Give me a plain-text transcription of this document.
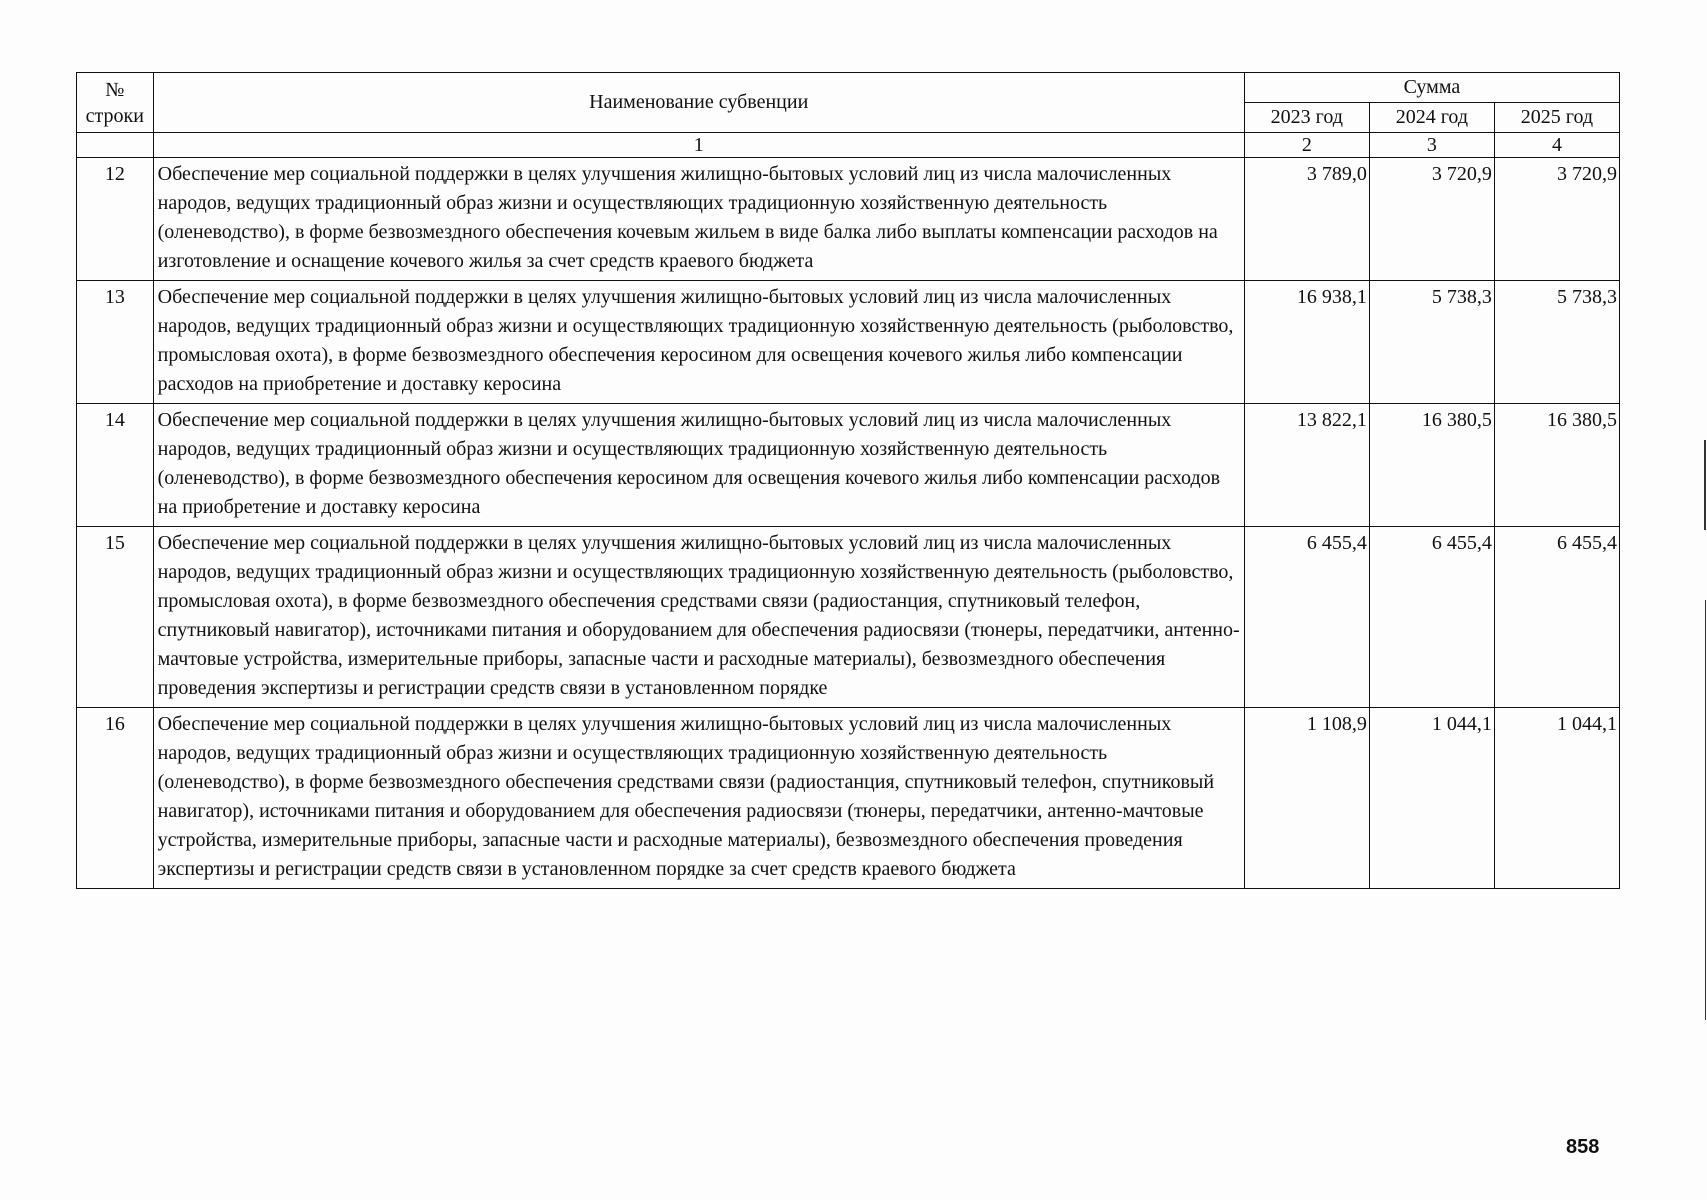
№
строки	Наименование субвенции	Сумма		
		2023 год	2024 год	2025 год
	1	2	3	4
12	Обеспечение мер социальной поддержки в целях улучшения жилищно-бытовых условий лиц из числа малочисленных народов, ведущих традиционный образ жизни и осуществляющих традиционную хозяйственную деятельность (оленеводство), в форме безвозмездного обеспечения кочевым жильем в виде балка либо выплаты компенсации расходов на изготовление и оснащение кочевого жилья за счет средств краевого бюджета	3 789,0	3 720,9	3 720,9
13	Обеспечение мер социальной поддержки в целях улучшения жилищно-бытовых условий лиц из числа малочисленных народов, ведущих традиционный образ жизни и осуществляющих традиционную хозяйственную деятельность (рыболовство, промысловая охота), в форме безвозмездного обеспечения керосином для освещения кочевого жилья либо компенсации расходов на приобретение и доставку керосина	16 938,1	5 738,3	5 738,3
14	Обеспечение мер социальной поддержки в целях улучшения жилищно-бытовых условий лиц из числа малочисленных народов, ведущих традиционный образ жизни и осуществляющих традиционную хозяйственную деятельность (оленеводство), в форме безвозмездного обеспечения керосином для освещения кочевого жилья либо компенсации расходов на приобретение и доставку керосина	13 822,1	16 380,5	16 380,5
15	Обеспечение мер социальной поддержки в целях улучшения жилищно-бытовых условий лиц из числа малочисленных народов, ведущих традиционный образ жизни и осуществляющих традиционную хозяйственную деятельность (рыболовство, промысловая охота), в форме безвозмездного обеспечения средствами связи (радиостанция, спутниковый телефон, спутниковый навигатор), источниками питания и оборудованием для обеспечения радиосвязи (тюнеры, передатчики, антенно-мачтовые устройства, измерительные приборы, запасные части и расходные материалы), безвозмездного обеспечения проведения экспертизы и регистрации средств связи в установленном порядке	6 455,4	6 455,4	6 455,4
16	Обеспечение мер социальной поддержки в целях улучшения жилищно-бытовых условий лиц из числа малочисленных народов, ведущих традиционный образ жизни и осуществляющих традиционную хозяйственную деятельность (оленеводство), в форме безвозмездного обеспечения средствами связи (радиостанция, спутниковый телефон, спутниковый навигатор), источниками питания и оборудованием для обеспечения радиосвязи (тюнеры, передатчики, антенно-мачтовые устройства, измерительные приборы, запасные части и расходные материалы), безвозмездного обеспечения проведения экспертизы и регистрации средств связи в установленном порядке за счет средств краевого бюджета	1 108,9	1 044,1	1 044,1
858
